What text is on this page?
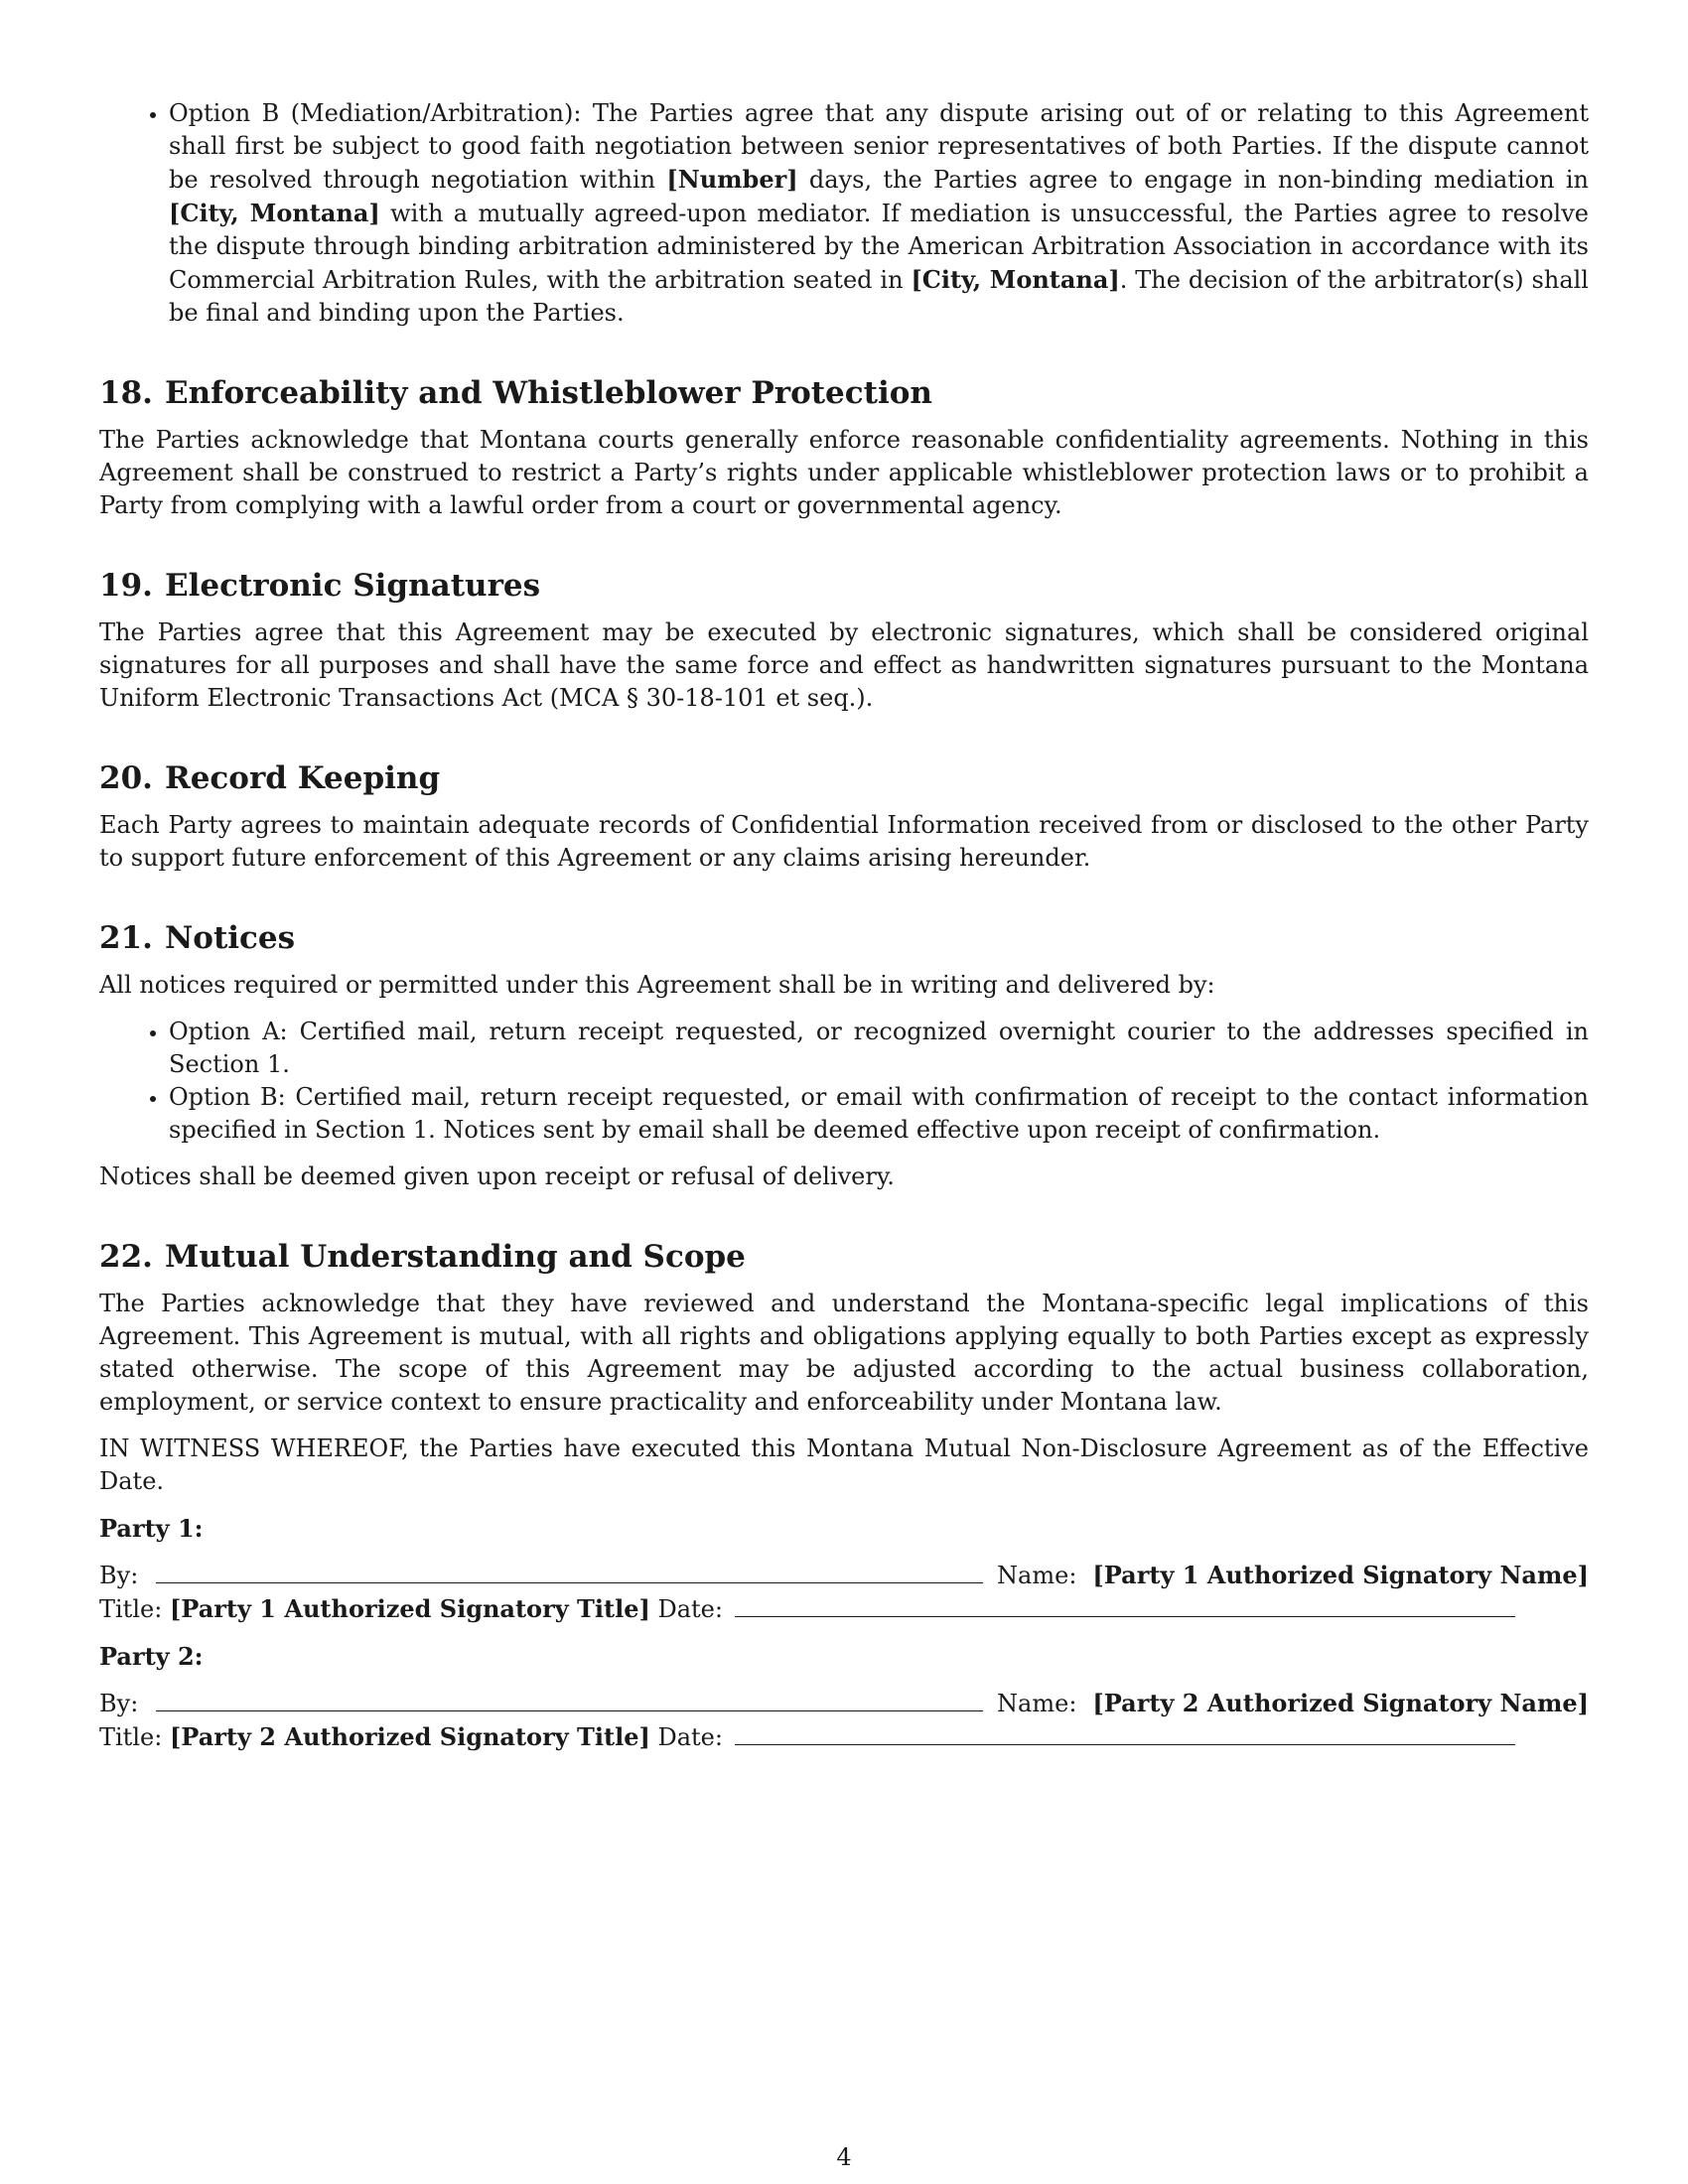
• Option B (Mediation/Arbitration): The Parties agree that any dispute arising out of or relating to this Agreement shall first be subject to good faith negotiation between senior representatives of both Parties. If the dispute cannot be resolved through negotiation within [Number] days, the Parties agree to engage in non-binding mediation in [City, Montana] with a mutually agreed-upon mediator. If mediation is unsuccessful, the Parties agree to resolve the dispute through binding arbitration administered by the American Arbitration Association in accordance with its Commercial Arbitration Rules, with the arbitration seated in [City, Montana]. The decision of the arbitrator(s) shall be final and binding upon the Parties.
18. Enforceability and Whistleblower Protection

The Parties acknowledge that Montana courts generally enforce reasonable confidentiality agreements. Nothing in this Agreement shall be construed to restrict a Party’s rights under applicable whistleblower protection laws or to prohibit a Party from complying with a lawful order from a court or governmental agency.

19. Electronic Signatures

The Parties agree that this Agreement may be executed by electronic signatures, which shall be considered original signatures for all purposes and shall have the same force and effect as handwritten signatures pursuant to the Montana Uniform Electronic Transactions Act (MCA § 30-18-101 et seq.).

20. Record Keeping

Each Party agrees to maintain adequate records of Confidential Information received from or disclosed to the other Party to support future enforcement of this Agreement or any claims arising hereunder.

21. Notices

All notices required or permitted under this Agreement shall be in writing and delivered by:

• Option A: Certified mail, return receipt requested, or recognized overnight courier to the addresses specified in Section 1.
• Option B: Certified mail, return receipt requested, or email with confirmation of receipt to the contact information specified in Section 1. Notices sent by email shall be deemed effective upon receipt of confirmation.

Notices shall be deemed given upon receipt or refusal of delivery.

22. Mutual Understanding and Scope

The Parties acknowledge that they have reviewed and understand the Montana-specific legal implications of this Agreement. This Agreement is mutual, with all rights and obligations applying equally to both Parties except as expressly stated otherwise. The scope of this Agreement may be adjusted according to the actual business collaboration, employment, or service context to ensure practicality and enforceability under Montana law.

IN WITNESS WHEREOF, the Parties have executed this Montana Mutual Non-Disclosure Agreement as of the Effective Date.

Party 1:
By:	Name: [Party 1 Authorized Signatory Name]
Title:
[Party 1 Authorized Signatory Title]
Date:
Party 2:
By:	Name: [Party 2 Authorized Signatory Name]
Title:
[Party 2 Authorized Signatory Title]
Date:
4
